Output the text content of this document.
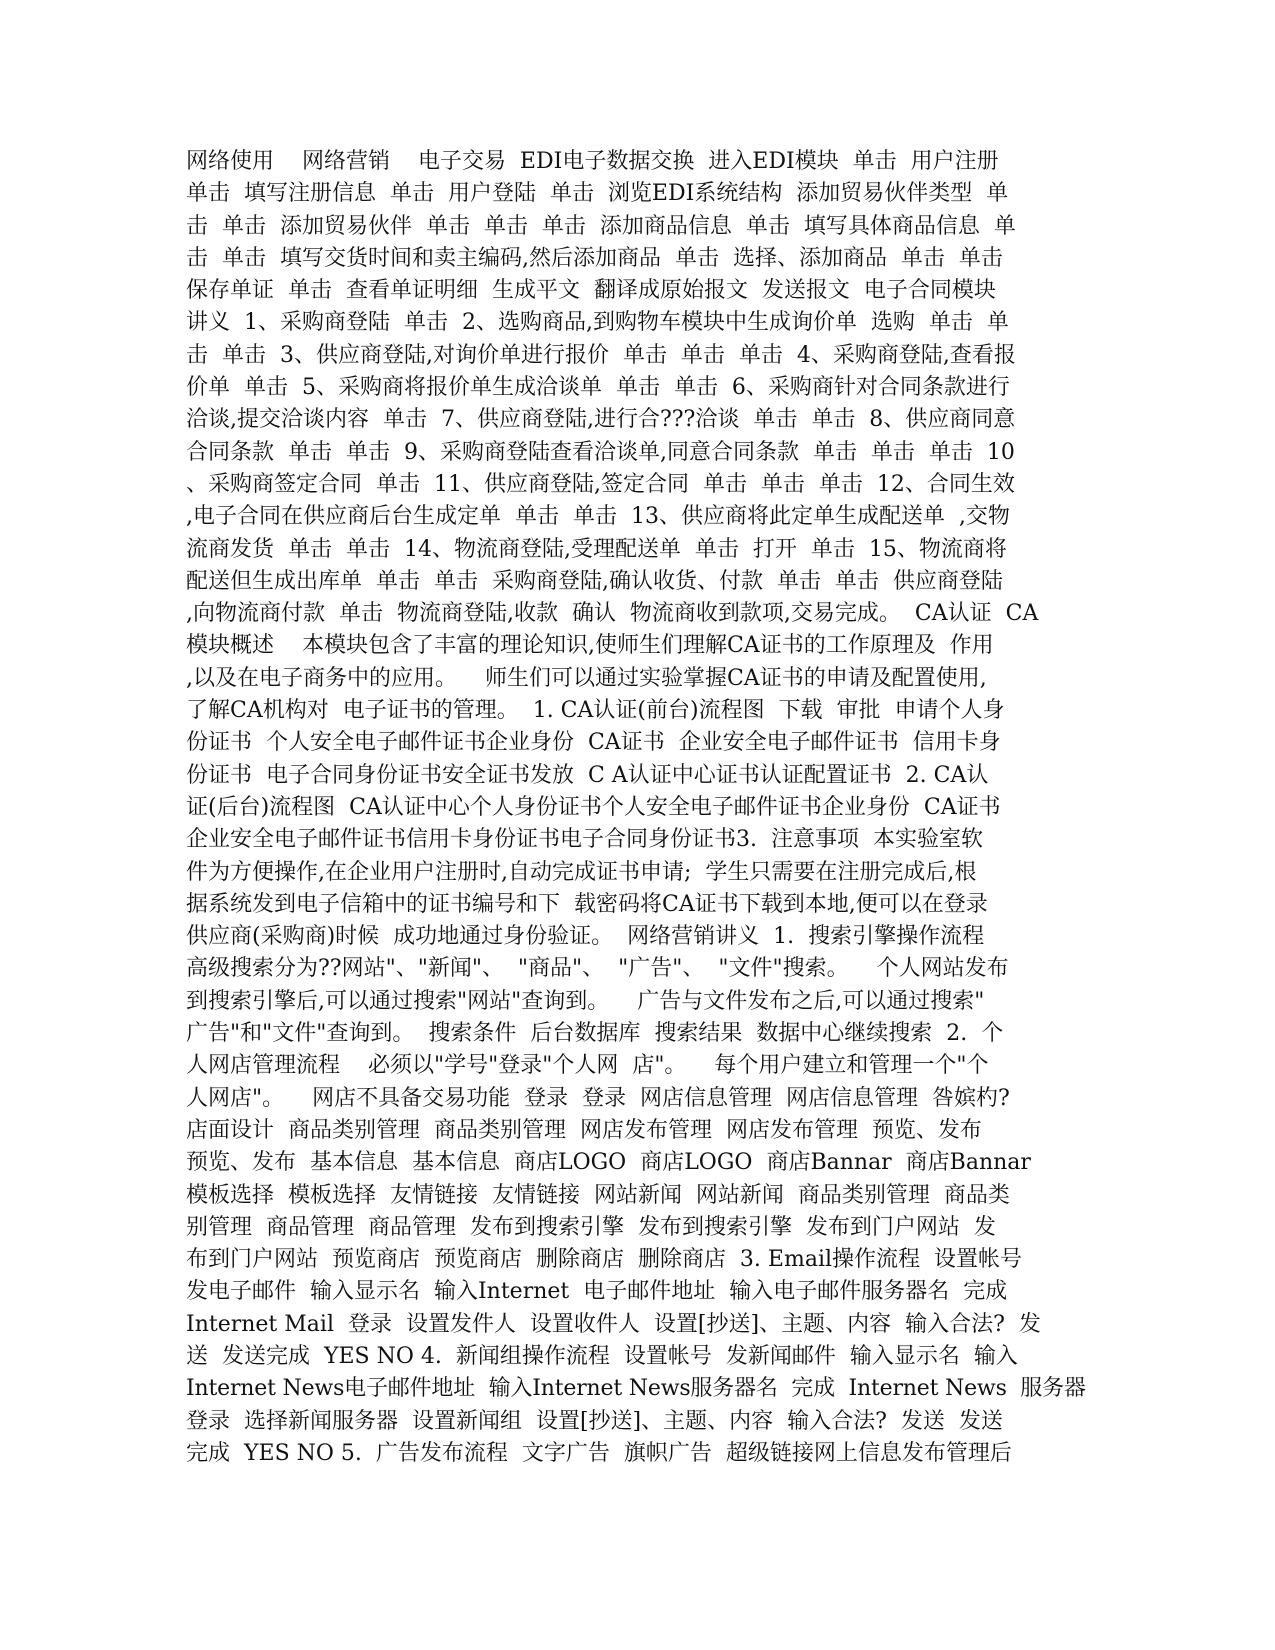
网络使用    网络营销    电子交易  EDI电子数据交换  进入EDI模块  单击  用户注册
单击  填写注册信息  单击  用户登陆  单击  浏览EDI系统结构  添加贸易伙伴类型  单
击  单击  添加贸易伙伴  单击  单击  单击  添加商品信息  单击  填写具体商品信息  单
击  单击  填写交货时间和卖主编码,然后添加商品  单击  选择、添加商品  单击  单击
保存单证  单击  查看单证明细  生成平文  翻译成原始报文  发送报文  电子合同模块
讲义  1、采购商登陆  单击  2、选购商品,到购物车模块中生成询价单  选购  单击  单
击  单击  3、供应商登陆,对询价单进行报价  单击  单击  单击  4、采购商登陆,查看报
价单  单击  5、采购商将报价单生成洽谈单  单击  单击  6、采购商针对合同条款进行
洽谈,提交洽谈内容  单击  7、供应商登陆,进行合???洽谈  单击  单击  8、供应商同意
合同条款  单击  单击  9、采购商登陆查看洽谈单,同意合同条款  单击  单击  单击  10
、采购商签定合同  单击  11、供应商登陆,签定合同  单击  单击  单击  12、合同生效
,电子合同在供应商后台生成定单  单击  单击  13、供应商将此定单生成配送单  ,交物
流商发货  单击  单击  14、物流商登陆,受理配送单  单击  打开  单击  15、物流商将
配送但生成出库单  单击  单击  采购商登陆,确认收货、付款  单击  单击  供应商登陆
,向物流商付款  单击  物流商登陆,收款  确认  物流商收到款项,交易完成。  CA认证  CA
模块概述    本模块包含了丰富的理论知识,使师生们理解CA证书的工作原理及  作用
,以及在电子商务中的应用。    师生们可以通过实验掌握CA证书的申请及配置使用,
了解CA机构对  电子证书的管理。  1. CA认证(前台)流程图  下载  审批  申请个人身
份证书  个人安全电子邮件证书企业身份  CA证书  企业安全电子邮件证书  信用卡身
份证书  电子合同身份证书安全证书发放  C A认证中心证书认证配置证书  2. CA认
证(后台)流程图  CA认证中心个人身份证书个人安全电子邮件证书企业身份  CA证书
企业安全电子邮件证书信用卡身份证书电子合同身份证书3.  注意事项  本实验室软
件为方便操作,在企业用户注册时,自动完成证书申请;  学生只需要在注册完成后,根
据系统发到电子信箱中的证书编号和下  载密码将CA证书下载到本地,便可以在登录
供应商(采购商)时候  成功地通过身份验证。  网络营销讲义  1.  搜索引擎操作流程
高级搜索分为??网站"、"新闻"、  "商品"、  "广告"、  "文件"搜索。    个人网站发布
到搜索引擎后,可以通过搜索"网站"查询到。    广告与文件发布之后,可以通过搜索"
广告"和"文件"查询到。  搜索条件  后台数据库  搜索结果  数据中心继续搜索  2.  个
人网店管理流程    必须以"学号"登录"个人网  店"。    每个用户建立和管理一个"个
人网店"。    网店不具备交易功能  登录  登录  网店信息管理  网店信息管理  咎嫔杓?
店面设计  商品类别管理  商品类别管理  网店发布管理  网店发布管理  预览、发布
预览、发布  基本信息  基本信息  商店LOGO  商店LOGO  商店Bannar  商店Bannar
模板选择  模板选择  友情链接  友情链接  网站新闻  网站新闻  商品类别管理  商品类
别管理  商品管理  商品管理  发布到搜索引擎  发布到搜索引擎  发布到门户网站  发
布到门户网站  预览商店  预览商店  删除商店  删除商店  3. Email操作流程  设置帐号
发电子邮件  输入显示名  输入Internet  电子邮件地址  输入电子邮件服务器名  完成
Internet Mail  登录  设置发件人  设置收件人  设置[抄送]、主题、内容  输入合法?  发
送  发送完成  YES NO 4.  新闻组操作流程  设置帐号  发新闻邮件  输入显示名  输入
Internet News电子邮件地址  输入Internet News服务器名  完成  Internet News  服务器
登录  选择新闻服务器  设置新闻组  设置[抄送]、主题、内容  输入合法?  发送  发送
完成  YES NO 5.  广告发布流程  文字广告  旗帜广告  超级链接网上信息发布管理后
